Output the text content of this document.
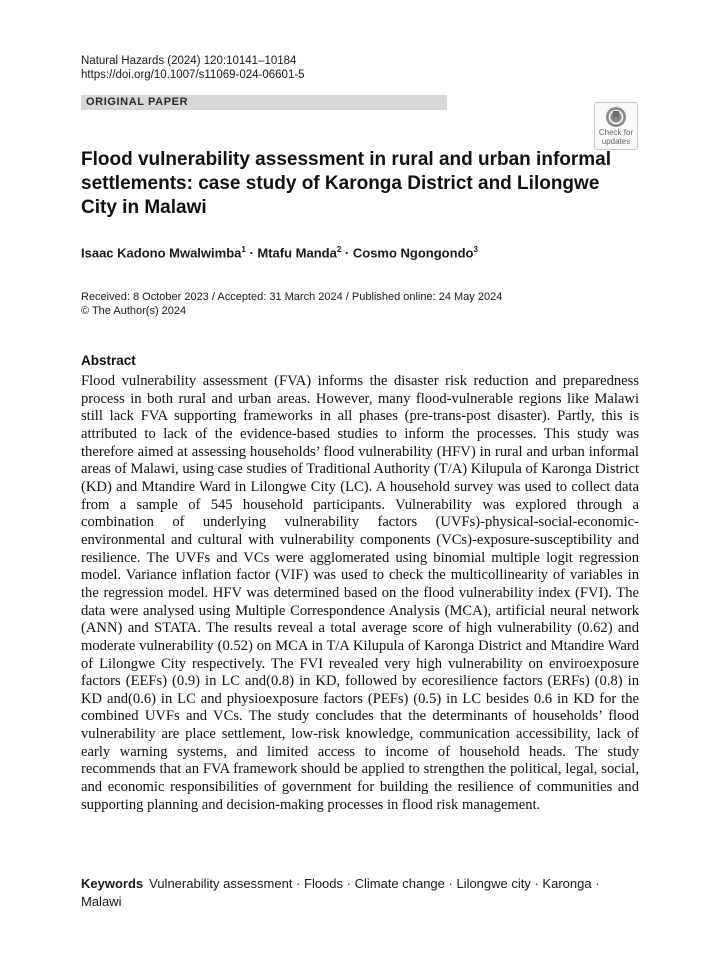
Natural Hazards (2024) 120:10141–10184
https://doi.org/10.1007/s11069-024-06601-5
ORIGINAL PAPER
Check for
updates
Flood vulnerability assessment in rural and urban informal settlements: case study of Karonga District and Lilongwe City in Malawi
Isaac Kadono Mwalwimba$^1$ · Mtafu Manda$^2$ · Cosmo Ngongondo$^3$
Received: 8 October 2023 / Accepted: 31 March 2024 / Published online: 24 May 2024
© The Author(s) 2024
Abstract

Flood vulnerability assessment (FVA) informs the disaster risk reduction and preparedness process in both rural and urban areas. However, many flood-vulnerable regions like Malawi still lack FVA supporting frameworks in all phases (pre-trans-post disaster). Partly, this is attributed to lack of the evidence-based studies to inform the processes. This study was therefore aimed at assessing households’ flood vulnerability (HFV) in rural and urban informal areas of Malawi, using case studies of Traditional Authority (T/A) Kilupula of Karonga District (KD) and Mtandire Ward in Lilongwe City (LC). A household survey was used to collect data from a sample of 545 household participants. Vulnerability was explored through a combination of underlying vulnerability factors (UVFs)-physical-social-economic-environmental and cultural with vulnerability components (VCs)-exposure-susceptibility and resilience. The UVFs and VCs were agglomerated using binomial multiple logit regression model. Variance inflation factor (VIF) was used to check the multicollinearity of variables in the regression model. HFV was determined based on the flood vulnerability index (FVI). The data were analysed using Multiple Correspondence Analysis (MCA), artificial neural network (ANN) and STATA. The results reveal a total average score of high vulnerability (0.62) and moderate vulnerability (0.52) on MCA in T/A Kilupula of Karonga District and Mtandire Ward of Lilongwe City respectively. The FVI revealed very high vulnerability on enviroexposure factors (EEFs) (0.9) in LC and(0.8) in KD, followed by ecoresilience factors (ERFs) (0.8) in KD and(0.6) in LC and physioexposure factors (PEFs) (0.5) in LC besides 0.6 in KD for the combined UVFs and VCs. The study concludes that the determinants of households’ flood vulnerability are place settlement, low-risk knowledge, communication accessibility, lack of early warning systems, and limited access to income of household heads. The study recommends that an FVA framework should be applied to strengthen the political, legal, social, and economic responsibilities of government for building the resilience of communities and supporting planning and decision-making processes in flood risk management.

Keywords Vulnerability assessment · Floods · Climate change · Lilongwe city · Karonga · Malawi
